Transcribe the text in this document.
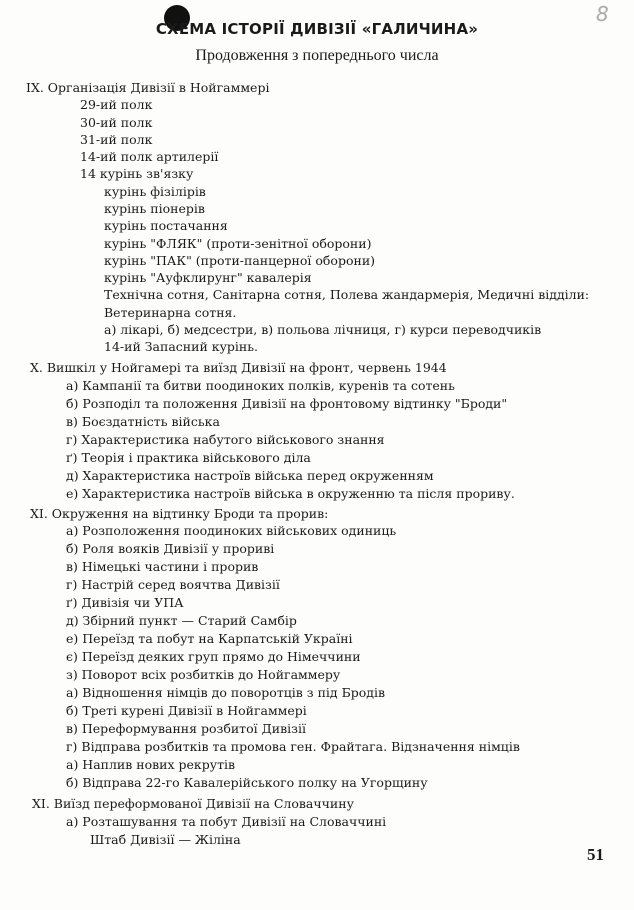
8
СХЕМА ІСТОРІЇ ДИВІЗІЇ «ГАЛИЧИНА»
Продовження з попереднього числа
IX. Організація Дивізії в Нойгаммері
29-ий полк
30-ий полк
31-ий полк
14-ий полк артилерії
14 курінь зв'язку
курінь фізілірів
курінь піонерів
курінь постачання
курінь "ФЛЯК" (проти-зенітної оборони)
курінь "ПАК" (проти-панцерної оборони)
курінь "Ауфклирунг" кавалерія
Технічна сотня, Санітарна сотня, Полева жандармерія, Медичні відділи:
Ветеринарна сотня.
а) лікарі, б) медсестри, в) польова лічниця, г) курси переводчиків
14-ий Запасний курінь.
X. Вишкіл у Нойгамері та виїзд Дивізії на фронт, червень 1944
а) Кампанії та битви поодиноких полків, куренів та сотень
б) Розподіл та положення Дивізії на фронтовому відтинку "Броди"
в) Боєздатність війська
г) Характеристика набутого військового знання
ґ) Теорія і практика військового діла
д) Характеристика настроїв війська перед окруженням
е) Характеристика настроїв війська в окруженню та після прориву.
XI. Окруження на відтинку Броди та прорив:
а) Розположення поодиноких військових одиниць
б) Роля вояків Дивізії у прориві
в) Німецькі частини і прорив
г) Настрій серед воячтва Дивізії
ґ) Дивізія чи УПА
д) Збірний пункт — Старий Самбір
е) Переїзд та побут на Карпатській Україні
є) Переїзд деяких груп прямо до Німеччини
з) Поворот всіх розбитків до Нойгаммеру
а) Відношення німців до поворотців з під Бродів
б) Треті курені Дивізії в Нойгаммері
в) Переформування розбитої Дивізії
г) Відправа розбитків та промова ген. Фрайтага. Відзначення німців
а) Наплив нових рекрутів
б) Відправа 22-го Кавалерійського полку на Угорщину
XI. Виїзд переформованої Дивізії на Словаччину
а) Розташування та побут Дивізії на Словаччині
Штаб Дивізії — Жіліна
51
